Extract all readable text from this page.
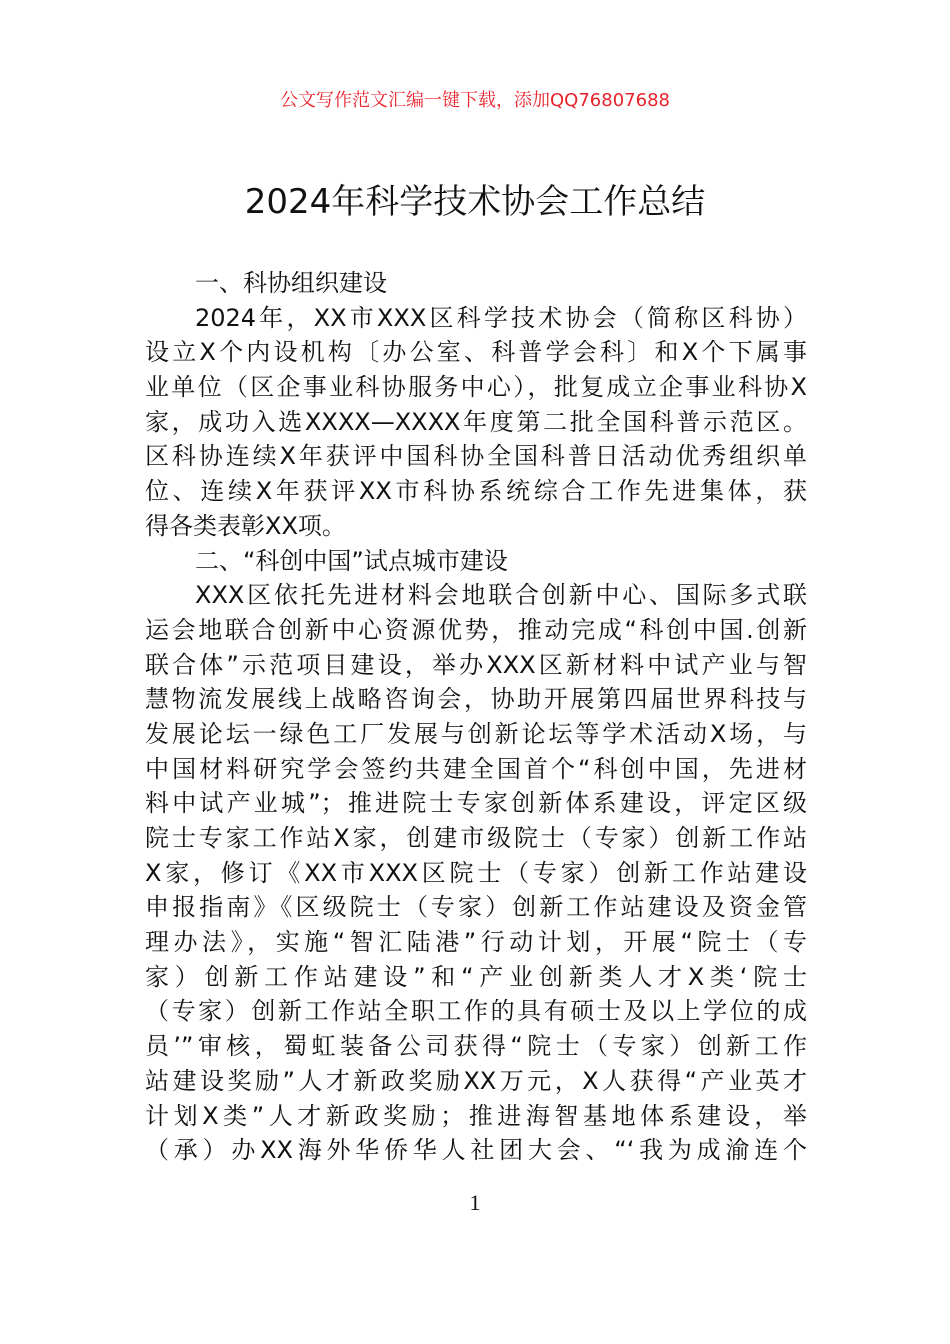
公文写作范文汇编一键下载，添加QQ76807688
2024年科学技术协会工作总结
一、科协组织建设
2024年，XX市XXX区科学技术协会（简称区科协）
设立X个内设机构〔办公室、科普学会科〕和X个下属事
业单位（区企事业科协服务中心），批复成立企事业科协X
家，成功入选XXXX—XXXX年度第二批全国科普示范区。
区科协连续X年获评中国科协全国科普日活动优秀组织单
位、连续X年获评XX市科协系统综合工作先进集体，获
得各类表彰XX项。
二、“科创中国”试点城市建设
XXX区依托先进材料会地联合创新中心、国际多式联
运会地联合创新中心资源优势，推动完成“科创中国.创新
联合体”示范项目建设，举办XXX区新材料中试产业与智
慧物流发展线上战略咨询会，协助开展第四届世界科技与
发展论坛一绿色工厂发展与创新论坛等学术活动X场，与
中国材料研究学会签约共建全国首个“科创中国，先进材
料中试产业城”；推进院士专家创新体系建设，评定区级
院士专家工作站X家，创建市级院士（专家）创新工作站
X家，修订《XX市XXX区院士（专家）创新工作站建设
申报指南》《区级院士（专家）创新工作站建设及资金管
理办法》，实施“智汇陆港”行动计划，开展“院士（专
家）创新工作站建设”和“产业创新类人才X类‘院士
（专家）创新工作站全职工作的具有硕士及以上学位的成
员’”审核，蜀虹装备公司获得“院士（专家）创新工作
站建设奖励”人才新政奖励XX万元，X人获得“产业英才
计划X类”人才新政奖励；推进海智基地体系建设，举
（承）办XX海外华侨华人社团大会、“‘我为成渝连个
1
